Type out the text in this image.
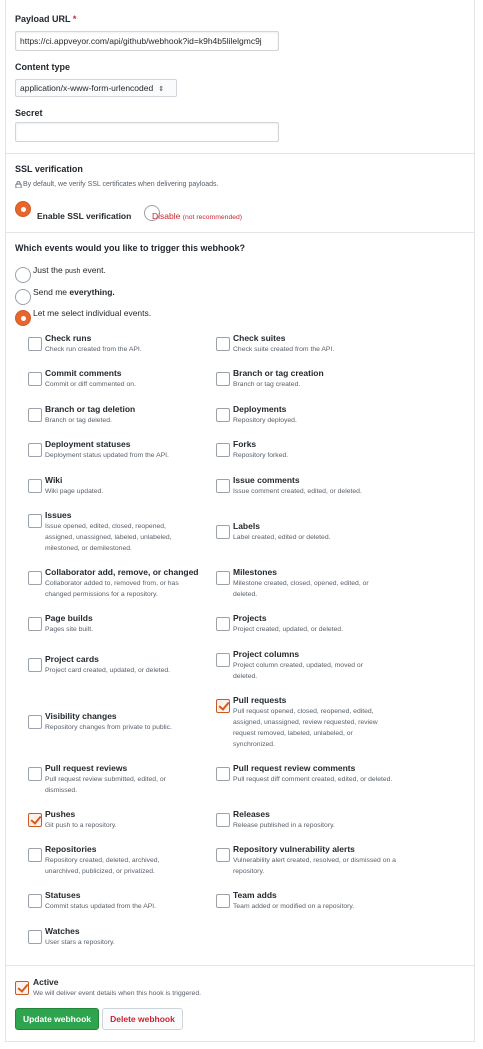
Payload URL *
https://ci.appveyor.com/api/github/webhook?id=k9h4b5lilelgmc9j
Content type
application/x-www-form-urlencoded ⇕
Secret
SSL verification
By default, we verify SSL certificates when delivering payloads.
Enable SSL verification Disable (not recommended)
Which events would you like to trigger this webhook?
Just the push event.
Send me everything.
Let me select individual events.
Check runs
Check run created from the API.
Commit comments
Commit or diff commented on.
Branch or tag deletion
Branch or tag deleted.
Deployment statuses
Deployment status updated from the API.
Wiki
Wiki page updated.
Issues
Issue opened, edited, closed, reopened, assigned, unassigned, labeled, unlabeled, milestoned, or demilestoned.
Collaborator add, remove, or changed
Collaborator added to, removed from, or has changed permissions for a repository.
Page builds
Pages site built.
Project cards
Project card created, updated, or deleted.
Visibility changes
Repository changes from private to public.
Pull request reviews
Pull request review submitted, edited, or dismissed.
Pushes
Git push to a repository.
Repositories
Repository created, deleted, archived, unarchived, publicized, or privatized.
Statuses
Commit status updated from the API.
Watches
User stars a repository.
Check suites
Check suite created from the API.
Branch or tag creation
Branch or tag created.
Deployments
Repository deployed.
Forks
Repository forked.
Issue comments
Issue comment created, edited, or deleted.
Labels
Label created, edited or deleted.
Milestones
Milestone created, closed, opened, edited, or deleted.
Projects
Project created, updated, or deleted.
Project columns
Project column created, updated, moved or deleted.
Pull requests
Pull request opened, closed, reopened, edited, assigned, unassigned, review requested, review request removed, labeled, unlabeled, or synchronized.
Pull request review comments
Pull request diff comment created, edited, or deleted.
Releases
Release published in a repository.
Repository vulnerability alerts
Vulnerability alert created, resolved, or dismissed on a repository.
Team adds
Team added or modified on a repository.
Active
We will deliver event details when this hook is triggered.
Update webhook	Delete webhook
